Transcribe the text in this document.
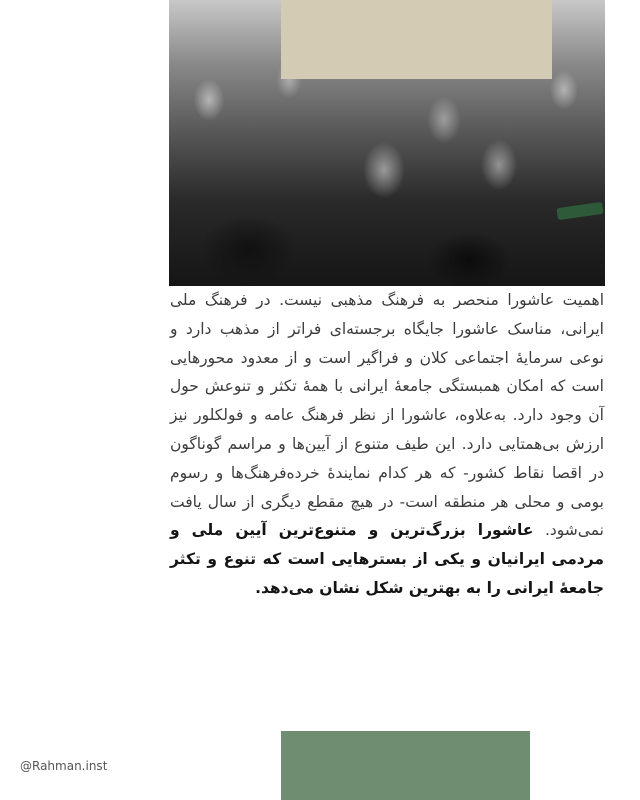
اهمیت عاشورا منحصر به فرهنگ مذهبی نیست. در فرهنگ ملی ایرانی، مناسک عاشورا جایگاه برجسته‌ای فراتر از مذهب دارد و نوعی سرمایهٔ اجتماعی کلان و فراگیر است و از معدود محورهایی است که امکان همبستگی جامعهٔ ایرانی با همهٔ تکثر و تنوعش حول آن وجود دارد. به‌علاوه، عاشورا از نظر فرهنگ عامه و فولکلور نیز ارزش بی‌همتایی دارد. این طیف متنوع از آیین‌ها و مراسم گوناگون در اقصا نقاط کشور- که هر کدام نمایندهٔ خرده‌فرهنگ‌ها و رسوم بومی و محلی هر منطقه است- در هیچ مقطع دیگری از سال یافت نمی‌شود. عاشورا بزرگ‌ترین و متنوع‌ترین آیین ملی و مردمی ایرانیان و یکی از بسترهایی است که تنوع و تکثر جامعهٔ ایرانی را به بهترین شکل نشان می‌دهد.
@Rahman.inst
